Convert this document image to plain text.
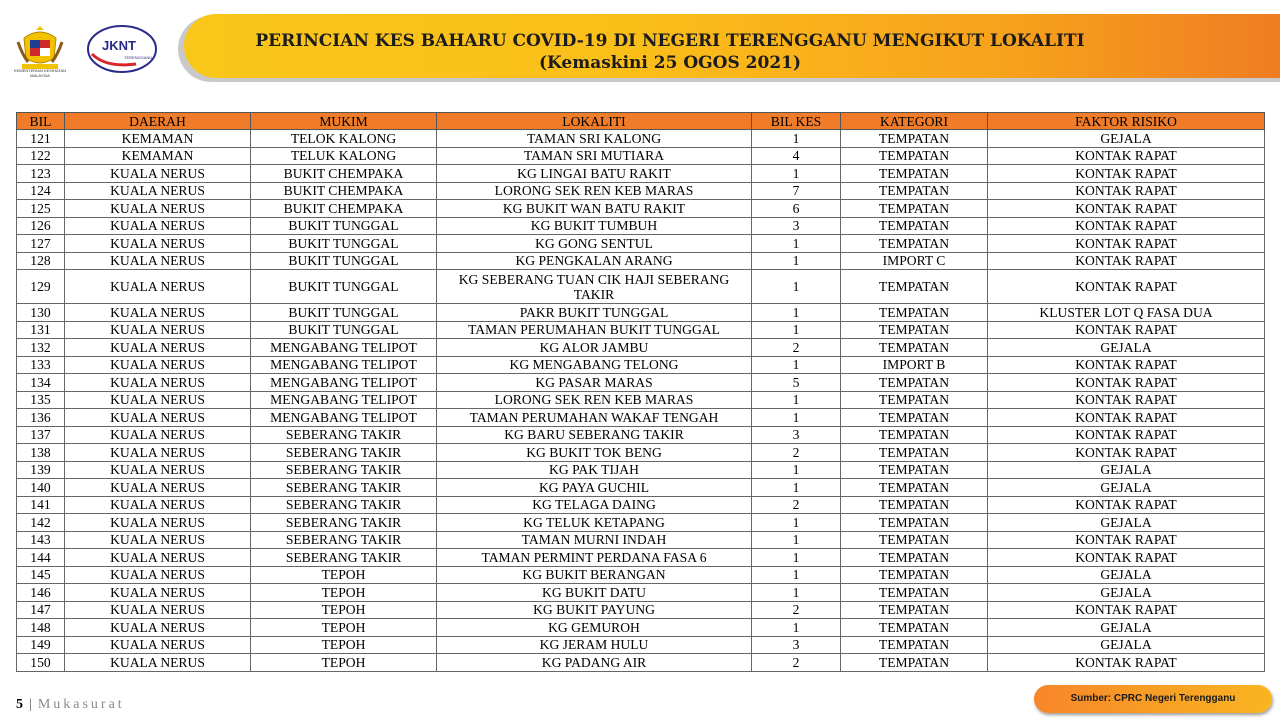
KEMENTERIAN KESIHATAN MALAYSIA
JKNT
TERENGGANU
PERINCIAN KES BAHARU COVID-19 DI NEGERI TERENGGANU MENGIKUT LOKALITI
(Kemaskini 25 OGOS 2021)
BIL	DAERAH	MUKIM	LOKALITI	BIL KES	KATEGORI	FAKTOR RISIKO
121	KEMAMAN	TELOK KALONG	TAMAN SRI KALONG	1	TEMPATAN	GEJALA
122	KEMAMAN	TELUK KALONG	TAMAN SRI MUTIARA	4	TEMPATAN	KONTAK RAPAT
123	KUALA NERUS	BUKIT CHEMPAKA	KG LINGAI BATU RAKIT	1	TEMPATAN	KONTAK RAPAT
124	KUALA NERUS	BUKIT CHEMPAKA	LORONG SEK REN KEB MARAS	7	TEMPATAN	KONTAK RAPAT
125	KUALA NERUS	BUKIT CHEMPAKA	KG BUKIT WAN BATU RAKIT	6	TEMPATAN	KONTAK RAPAT
126	KUALA NERUS	BUKIT TUNGGAL	KG BUKIT TUMBUH	3	TEMPATAN	KONTAK RAPAT
127	KUALA NERUS	BUKIT TUNGGAL	KG GONG SENTUL	1	TEMPATAN	KONTAK RAPAT
128	KUALA NERUS	BUKIT TUNGGAL	KG PENGKALAN ARANG	1	IMPORT C	KONTAK RAPAT
129	KUALA NERUS	BUKIT TUNGGAL	KG SEBERANG TUAN CIK HAJI SEBERANG TAKIR	1	TEMPATAN	KONTAK RAPAT
130	KUALA NERUS	BUKIT TUNGGAL	PAKR BUKIT TUNGGAL	1	TEMPATAN	KLUSTER LOT Q FASA DUA
131	KUALA NERUS	BUKIT TUNGGAL	TAMAN PERUMAHAN BUKIT TUNGGAL	1	TEMPATAN	KONTAK RAPAT
132	KUALA NERUS	MENGABANG TELIPOT	KG ALOR JAMBU	2	TEMPATAN	GEJALA
133	KUALA NERUS	MENGABANG TELIPOT	KG MENGABANG TELONG	1	IMPORT B	KONTAK RAPAT
134	KUALA NERUS	MENGABANG TELIPOT	KG PASAR MARAS	5	TEMPATAN	KONTAK RAPAT
135	KUALA NERUS	MENGABANG TELIPOT	LORONG SEK REN KEB MARAS	1	TEMPATAN	KONTAK RAPAT
136	KUALA NERUS	MENGABANG TELIPOT	TAMAN PERUMAHAN WAKAF TENGAH	1	TEMPATAN	KONTAK RAPAT
137	KUALA NERUS	SEBERANG TAKIR	KG BARU SEBERANG TAKIR	3	TEMPATAN	KONTAK RAPAT
138	KUALA NERUS	SEBERANG TAKIR	KG BUKIT TOK BENG	2	TEMPATAN	KONTAK RAPAT
139	KUALA NERUS	SEBERANG TAKIR	KG PAK TIJAH	1	TEMPATAN	GEJALA
140	KUALA NERUS	SEBERANG TAKIR	KG PAYA GUCHIL	1	TEMPATAN	GEJALA
141	KUALA NERUS	SEBERANG TAKIR	KG TELAGA DAING	2	TEMPATAN	KONTAK RAPAT
142	KUALA NERUS	SEBERANG TAKIR	KG TELUK KETAPANG	1	TEMPATAN	GEJALA
143	KUALA NERUS	SEBERANG TAKIR	TAMAN MURNI INDAH	1	TEMPATAN	KONTAK RAPAT
144	KUALA NERUS	SEBERANG TAKIR	TAMAN PERMINT PERDANA FASA 6	1	TEMPATAN	KONTAK RAPAT
145	KUALA NERUS	TEPOH	KG BUKIT BERANGAN	1	TEMPATAN	GEJALA
146	KUALA NERUS	TEPOH	KG BUKIT DATU	1	TEMPATAN	GEJALA
147	KUALA NERUS	TEPOH	KG BUKIT PAYUNG	2	TEMPATAN	KONTAK RAPAT
148	KUALA NERUS	TEPOH	KG GEMUROH	1	TEMPATAN	GEJALA
149	KUALA NERUS	TEPOH	KG JERAM HULU	3	TEMPATAN	GEJALA
150	KUALA NERUS	TEPOH	KG PADANG AIR	2	TEMPATAN	KONTAK RAPAT
5 | Mukasurat	Sumber: CPRC Negeri Terengganu
